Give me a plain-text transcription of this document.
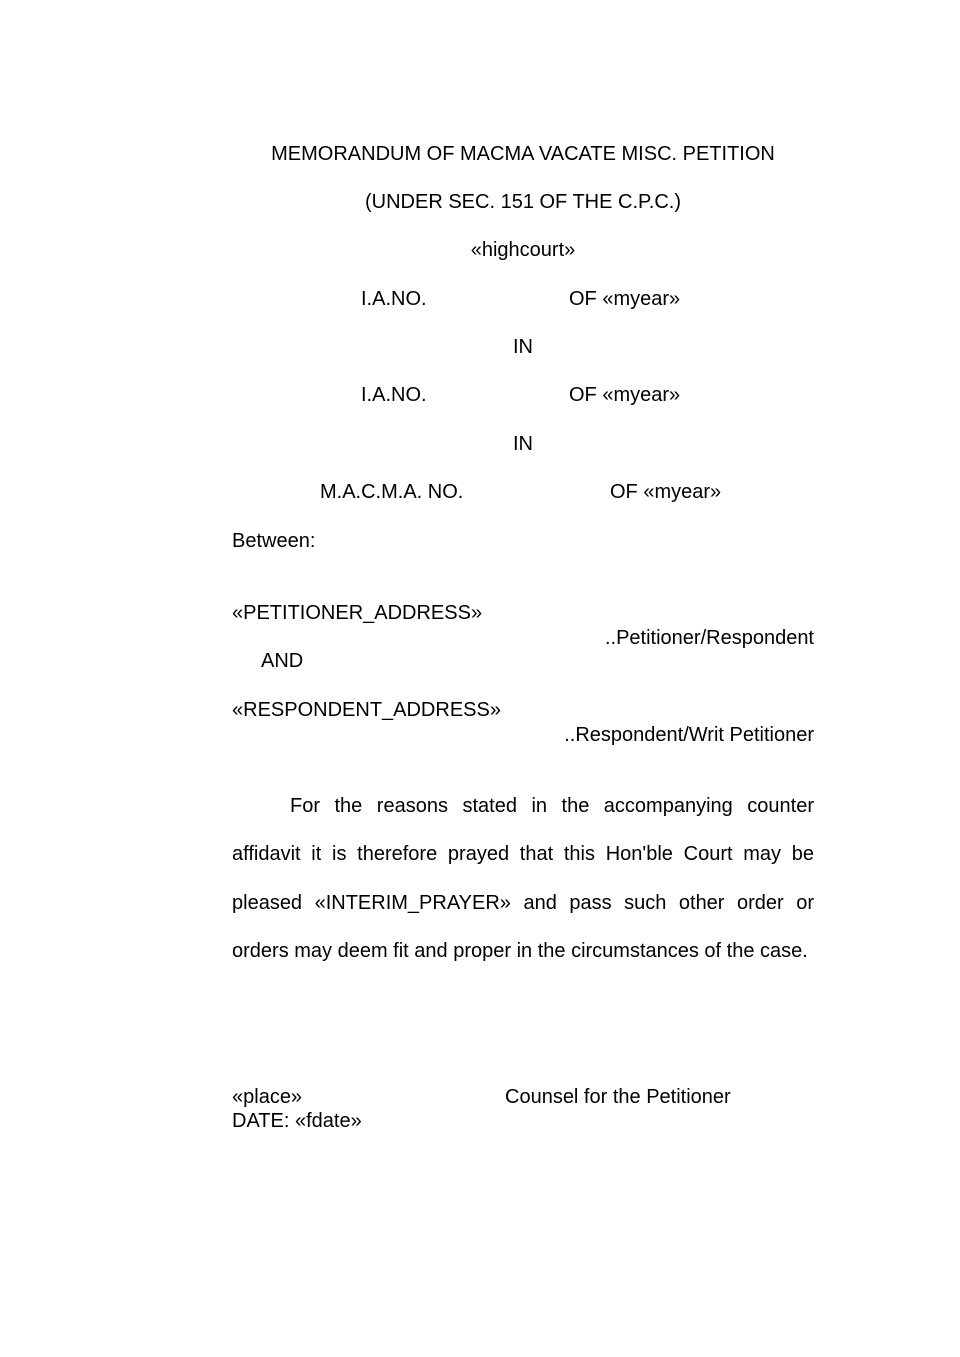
MEMORANDUM OF MACMA VACATE MISC. PETITION
(UNDER SEC. 151 OF THE C.P.C.)
«highcourt»
I.A.NO.	OF «myear»
IN
I.A.NO.	OF «myear»
IN
M.A.C.M.A. NO.	OF «myear»
Between:
«PETITIONER_ADDRESS»
..Petitioner/Respondent
AND
«RESPONDENT_ADDRESS»
..Respondent/Writ Petitioner
For the reasons stated in the accompanying counter affidavit it is therefore prayed that this Hon'ble Court may be pleased «INTERIM_PRAYER» and pass such other order or orders may deem fit and proper in the circumstances of the case.
«place»	Counsel for the Petitioner
DATE: «fdate»
